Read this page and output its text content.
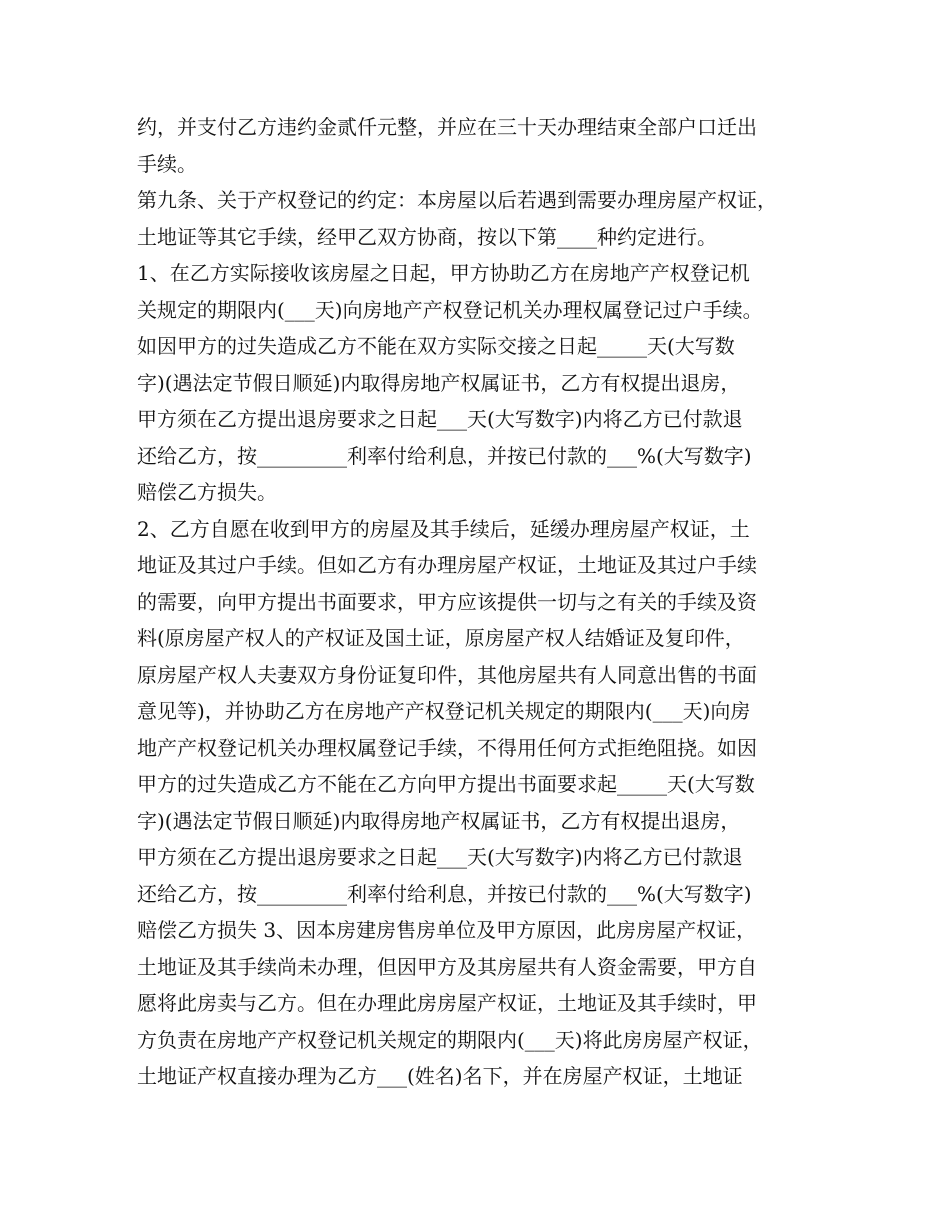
约，并支付乙方违约金贰仟元整，并应在三十天办理结束全部户口迁出
手续。
第九条、关于产权登记的约定：本房屋以后若遇到需要办理房屋产权证，
土地证等其它手续，经甲乙双方协商，按以下第____种约定进行。
1、在乙方实际接收该房屋之日起，甲方协助乙方在房地产产权登记机
关规定的期限内(___天)向房地产产权登记机关办理权属登记过户手续。
如因甲方的过失造成乙方不能在双方实际交接之日起_____天(大写数
字)(遇法定节假日顺延)内取得房地产权属证书，乙方有权提出退房，
甲方须在乙方提出退房要求之日起___天(大写数字)内将乙方已付款退
还给乙方，按_________利率付给利息，并按已付款的___%(大写数字)
赔偿乙方损失。
2、乙方自愿在收到甲方的房屋及其手续后，延缓办理房屋产权证，土
地证及其过户手续。但如乙方有办理房屋产权证，土地证及其过户手续
的需要，向甲方提出书面要求，甲方应该提供一切与之有关的手续及资
料(原房屋产权人的产权证及国土证，原房屋产权人结婚证及复印件，
原房屋产权人夫妻双方身份证复印件，其他房屋共有人同意出售的书面
意见等)，并协助乙方在房地产产权登记机关规定的期限内(___天)向房
地产产权登记机关办理权属登记手续，不得用任何方式拒绝阻挠。如因
甲方的过失造成乙方不能在乙方向甲方提出书面要求起_____天(大写数
字)(遇法定节假日顺延)内取得房地产权属证书，乙方有权提出退房，
甲方须在乙方提出退房要求之日起___天(大写数字)内将乙方已付款退
还给乙方，按_________利率付给利息，并按已付款的___%(大写数字)
赔偿乙方损失 3、因本房建房售房单位及甲方原因，此房房屋产权证，
土地证及其手续尚未办理，但因甲方及其房屋共有人资金需要，甲方自
愿将此房卖与乙方。但在办理此房房屋产权证，土地证及其手续时，甲
方负责在房地产产权登记机关规定的期限内(___天)将此房房屋产权证，
土地证产权直接办理为乙方___(姓名)名下，并在房屋产权证，土地证
